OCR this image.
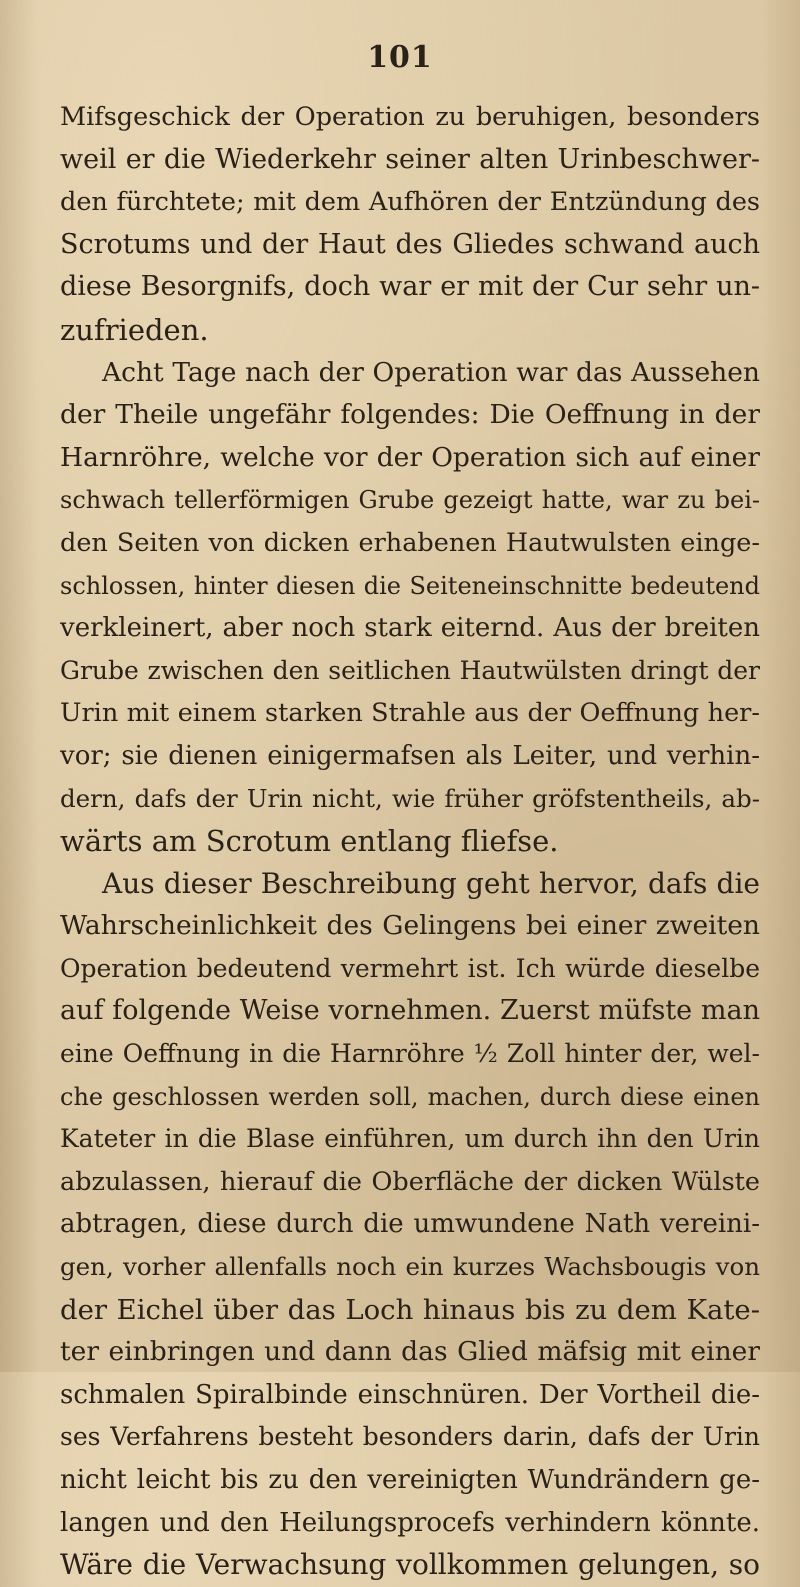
101
Mifsgeschick der Operation zu beruhigen, besonders
weil er die Wiederkehr seiner alten Urinbeschwer-
den fürchtete; mit dem Aufhören der Entzündung des
Scrotums und der Haut des Gliedes schwand auch
diese Besorgnifs, doch war er mit der Cur sehr un-
zufrieden.
Acht Tage nach der Operation war das Aussehen
der Theile ungefähr folgendes: Die Oeffnung in der
Harnröhre, welche vor der Operation sich auf einer
schwach tellerförmigen Grube gezeigt hatte, war zu bei-
den Seiten von dicken erhabenen Hautwulsten einge-
schlossen, hinter diesen die Seiteneinschnitte bedeutend
verkleinert, aber noch stark eiternd. Aus der breiten
Grube zwischen den seitlichen Hautwülsten dringt der
Urin mit einem starken Strahle aus der Oeffnung her-
vor; sie dienen einigermafsen als Leiter, und verhin-
dern, dafs der Urin nicht, wie früher gröfstentheils, ab-
wärts am Scrotum entlang fliefse.
Aus dieser Beschreibung geht hervor, dafs die
Wahrscheinlichkeit des Gelingens bei einer zweiten
Operation bedeutend vermehrt ist. Ich würde dieselbe
auf folgende Weise vornehmen. Zuerst müfste man
eine Oeffnung in die Harnröhre ½ Zoll hinter der, wel-
che geschlossen werden soll, machen, durch diese einen
Kateter in die Blase einführen, um durch ihn den Urin
abzulassen, hierauf die Oberfläche der dicken Wülste
abtragen, diese durch die umwundene Nath vereini-
gen, vorher allenfalls noch ein kurzes Wachsbougis von
der Eichel über das Loch hinaus bis zu dem Kate-
ter einbringen und dann das Glied mäfsig mit einer
schmalen Spiralbinde einschnüren. Der Vortheil die-
ses Verfahrens besteht besonders darin, dafs der Urin
nicht leicht bis zu den vereinigten Wundrändern ge-
langen und den Heilungsprocefs verhindern könnte.
Wäre die Verwachsung vollkommen gelungen, so
